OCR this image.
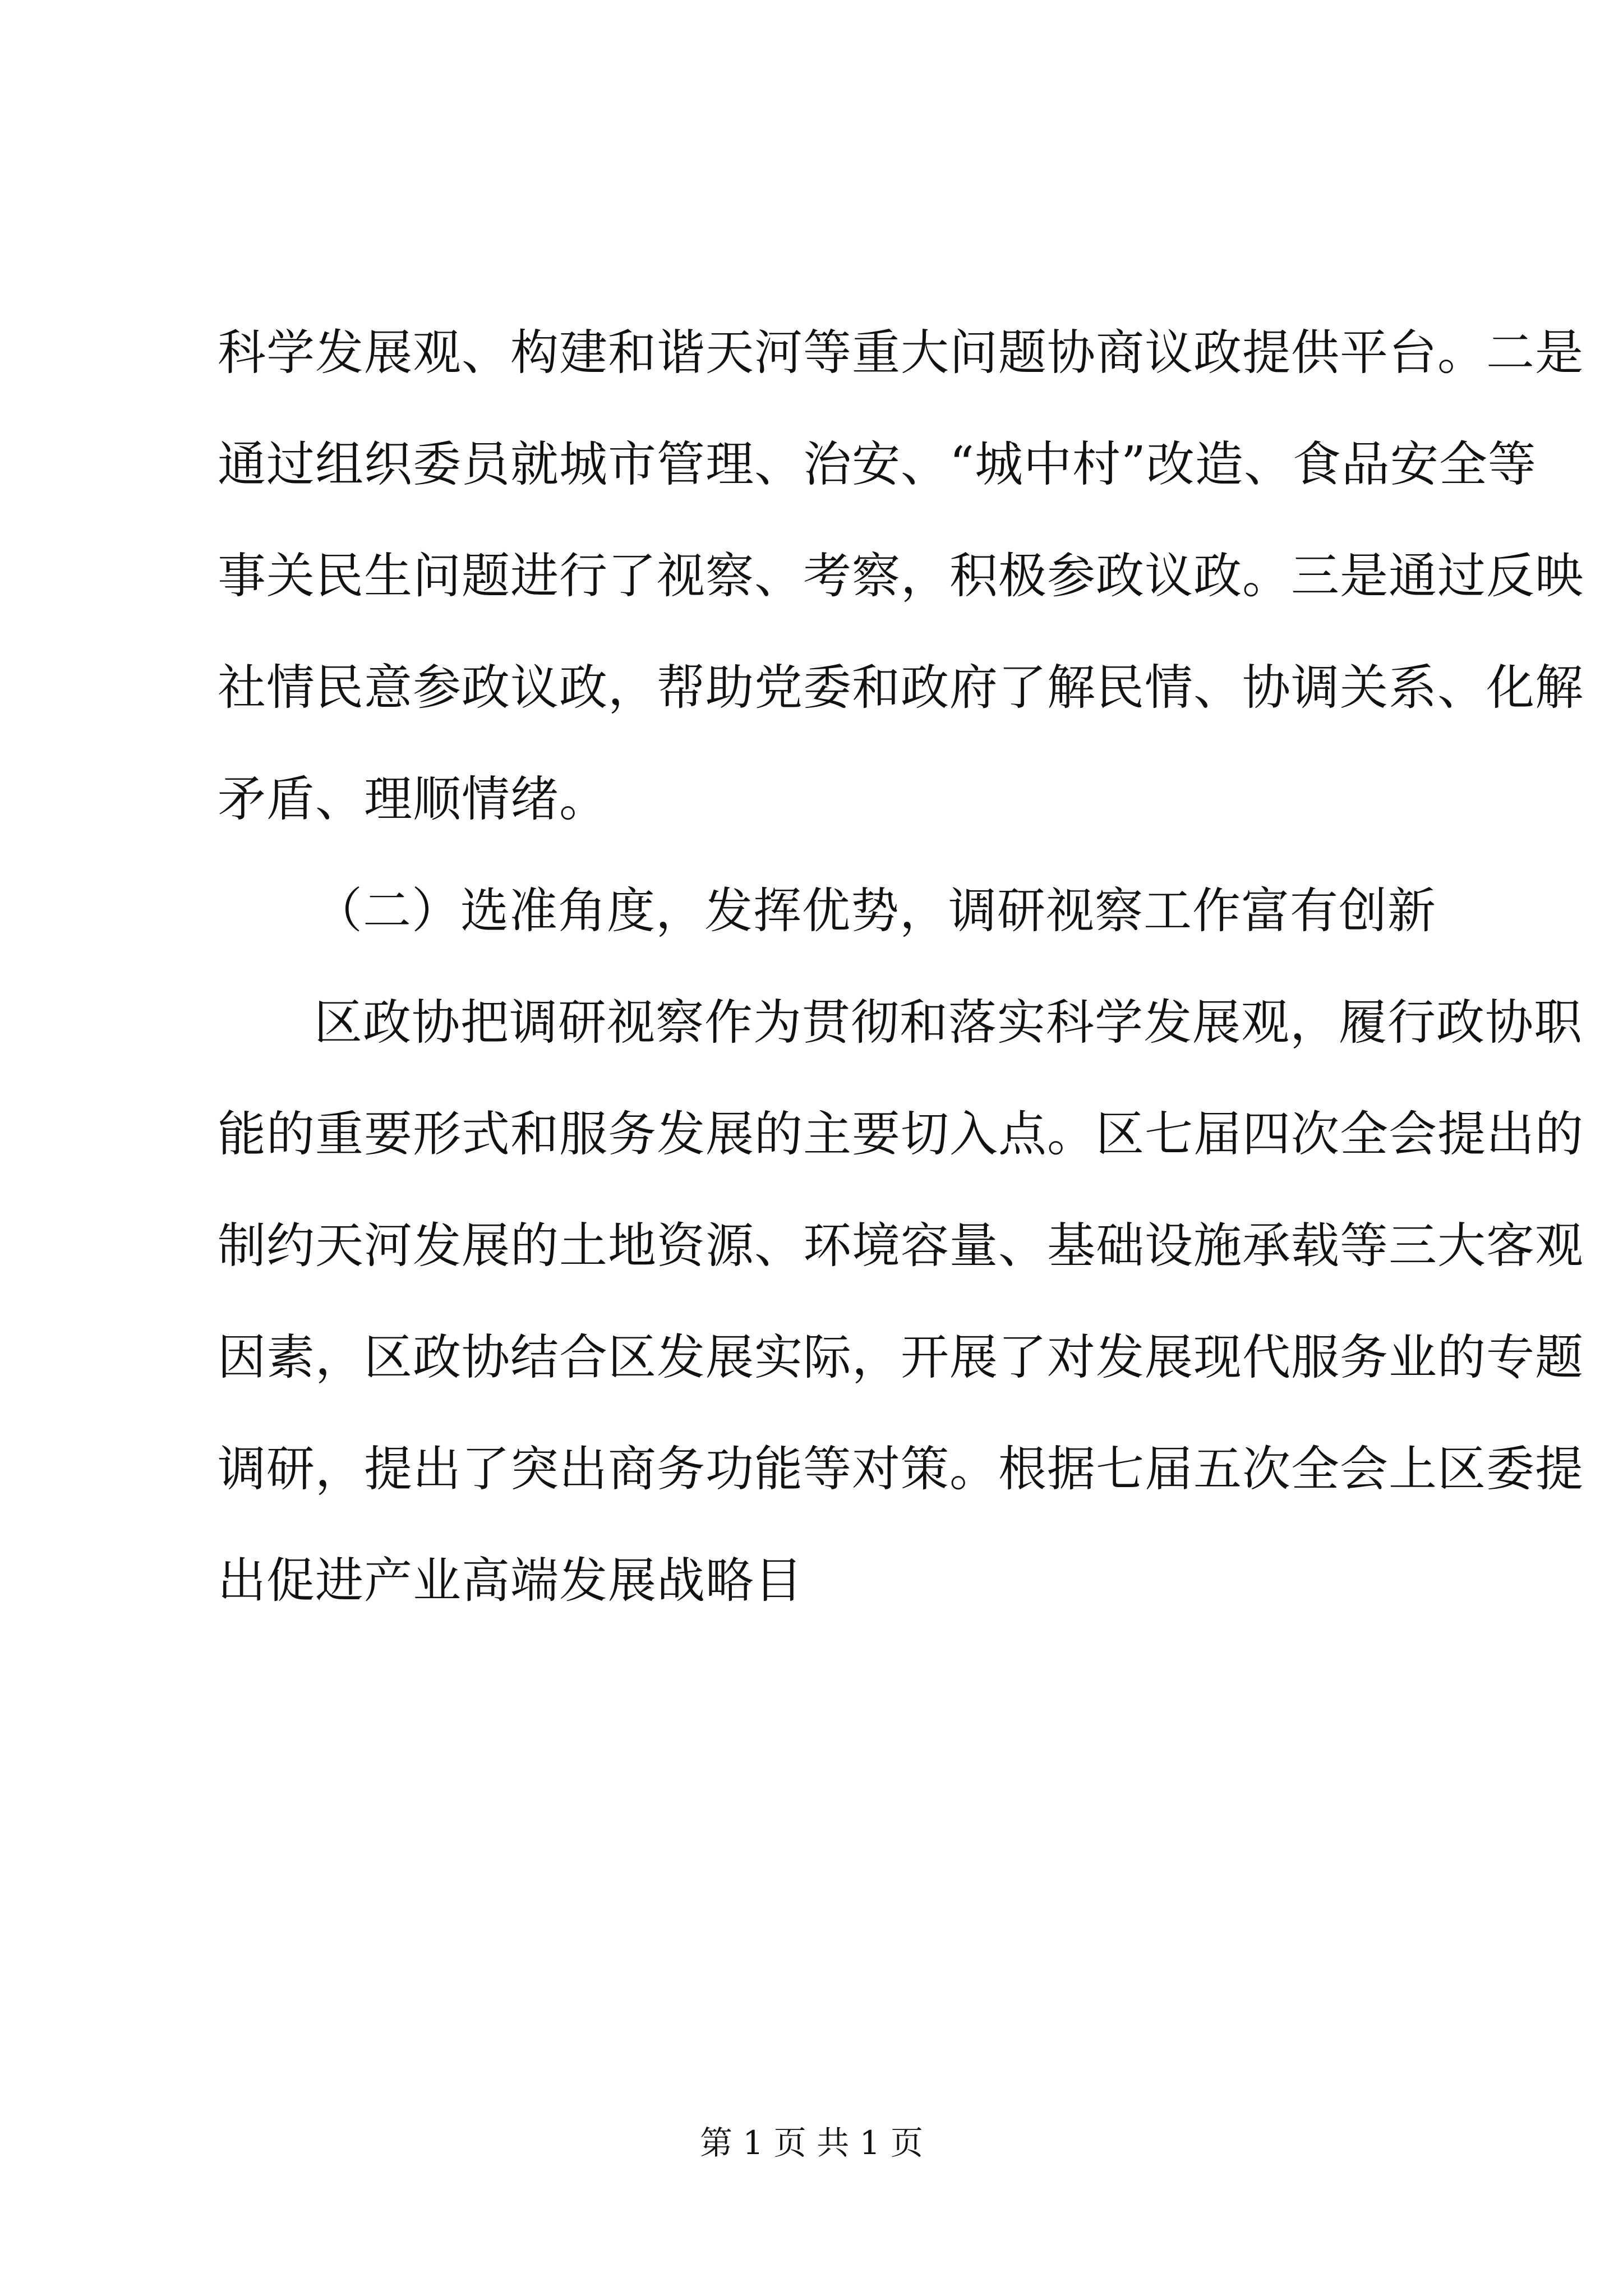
科学发展观、构建和谐天河等重大问题协商议政提供平台。二是
通过组织委员就城市管理、治安、“城中村”改造、食品安全等
事关民生问题进行了视察、考察，积极参政议政。三是通过反映
社情民意参政议政，帮助党委和政府了解民情、协调关系、化解
矛盾、理顺情绪。
（二）选准角度，发挥优势，调研视察工作富有创新
区政协把调研视察作为贯彻和落实科学发展观，履行政协职
能的重要形式和服务发展的主要切入点。区七届四次全会提出的
制约天河发展的土地资源、环境容量、基础设施承载等三大客观
因素，区政协结合区发展实际，开展了对发展现代服务业的专题
调研，提出了突出商务功能等对策。根据七届五次全会上区委提
出促进产业高端发展战略目
第 1 页 共 1 页
